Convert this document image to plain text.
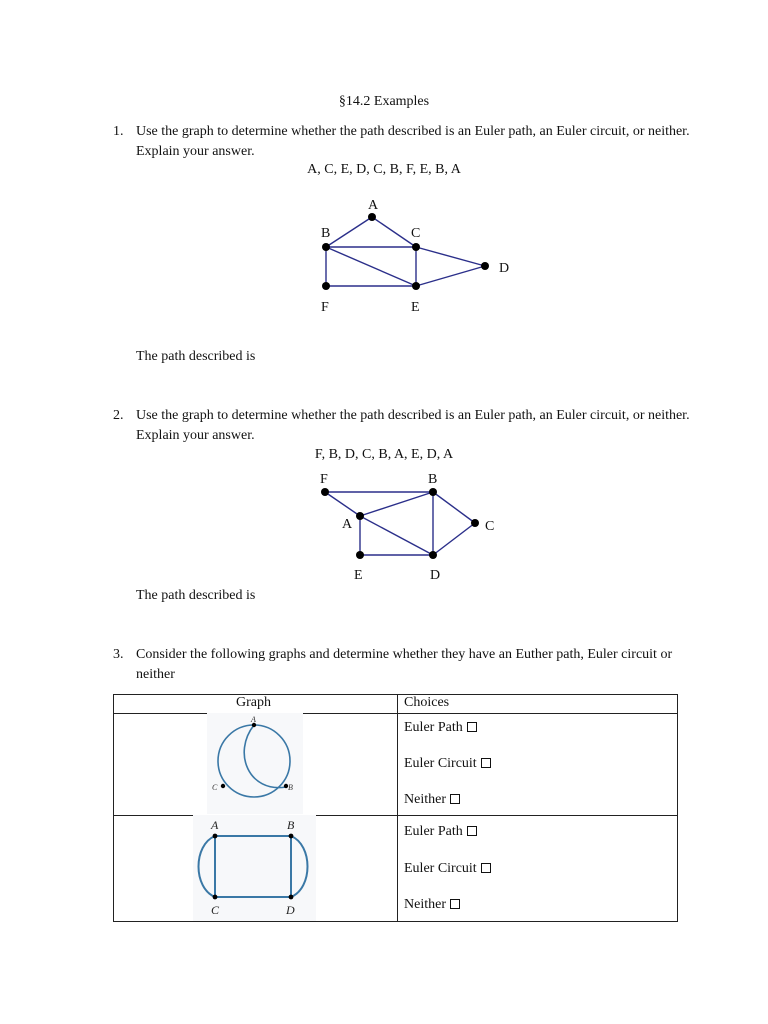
§14.2 Examples
1. Use the graph to determine whether the path described is an Euler path, an Euler circuit, or neither. Explain your answer.
A, C, E, D, C, B, F, E, B, A
A
B	C
D
E
F
The path described is
2. Use the graph to determine whether the path described is an Euler path, an Euler circuit, or neither. Explain your answer.
F, B, D, C, B, A, E, D, A
F	B
A	C
E	D
The path described is
3. Consider the following graphs and determine whether they have an Euther path, Euler circuit or neither
Graph	Choices
A
C	B
Euler Path
Euler Circuit
Neither
A	B
C	D
Euler Path
Euler Circuit
Neither
